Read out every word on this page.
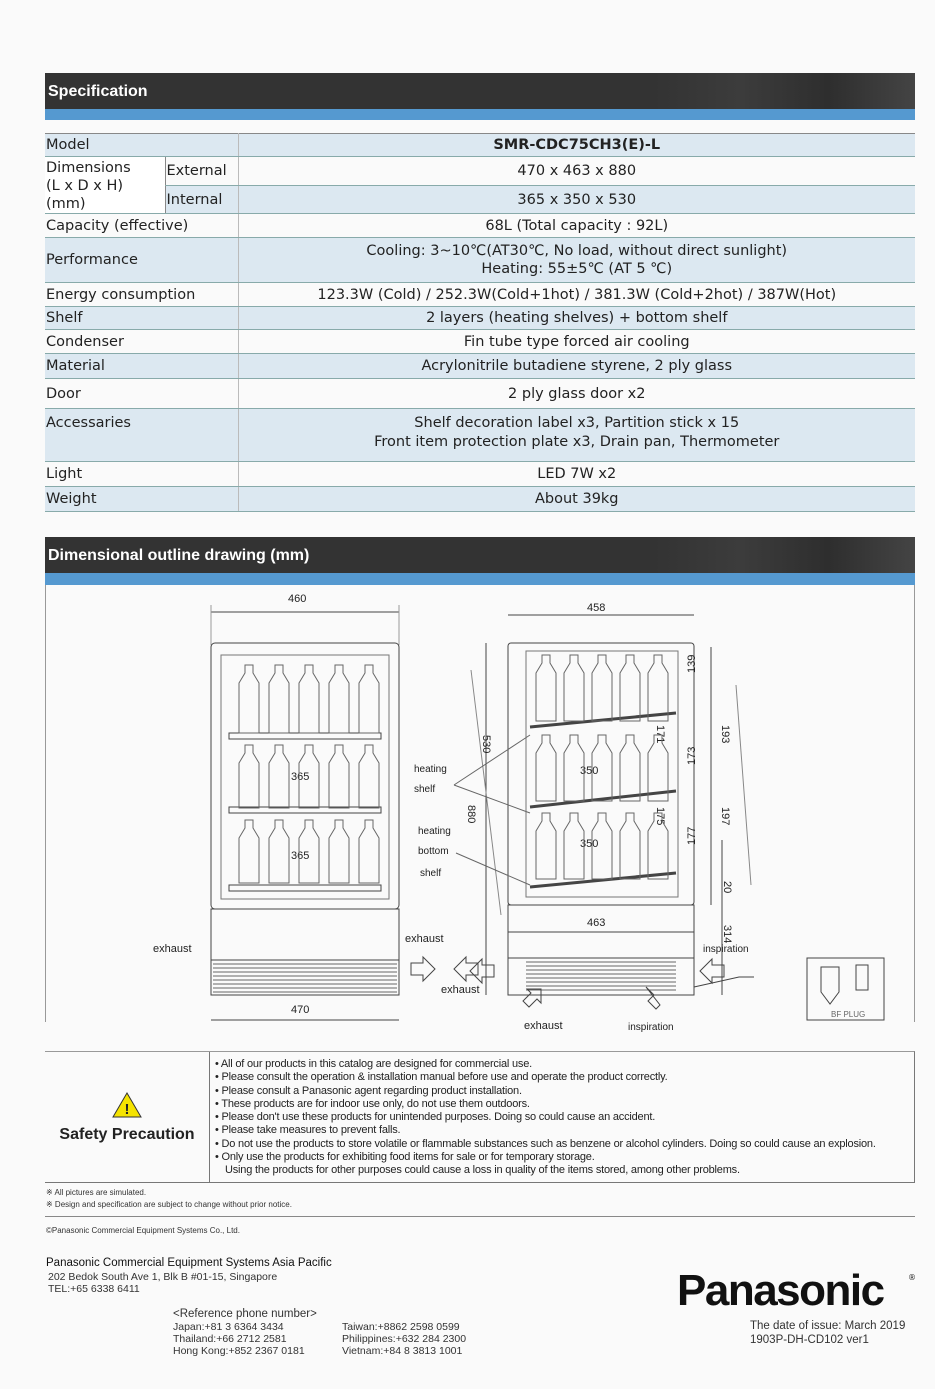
Specification
Model		SMR-CDC75CH3(E)-L
Dimensions
(L x D x H) (mm)	External	470 x 463 x 880
	Internal	365 x 350 x 530
Capacity (effective)		68L (Total capacity : 92L)
Performance		Cooling: 3~10℃(AT30℃, No load, without direct sunlight)
Heating: 55±5℃ (AT 5 ℃)
Energy consumption		123.3W (Cold) / 252.3W(Cold+1hot) / 381.3W (Cold+2hot) / 387W(Hot)
Shelf		2 layers (heating shelves) + bottom shelf
Condenser		Fin tube type forced air cooling
Material		Acrylonitrile butadiene styrene, 2 ply glass
Door		2 ply glass door x2
Accessaries		Shelf decoration label x3, Partition stick x 15
Front item protection plate x3, Drain pan, Thermometer
Light		LED 7W x2
Weight		About 39kg
Dimensional outline drawing (mm)
460
470
365
365
exhaust
exhaust
458
463
530
880
350
350
139
193
173
171
175	197
177
20
314
heating
shelf
heating
bottom
shelf
inspiration
exhaust
exhaust	inspiration
BF PLUG
!
Safety Precaution
• All of our products in this catalog are designed for commercial use.
• Please consult the operation & installation manual before use and operate the product correctly.
• Please consult a Panasonic agent regarding product installation.
• These products are for indoor use only, do not use them outdoors.
• Please don't use these products for unintended purposes. Doing so could cause an accident.
• Please take measures to prevent falls.
• Do not use the products to store volatile or flammable substances such as benzene or alcohol cylinders. Doing so could cause an explosion.
• Only use the products for exhibiting food items for sale or for temporary storage.
Using the products for other purposes could cause a loss in quality of the items stored, among other problems.
※ All pictures are simulated.
※ Design and specification are subject to change without prior notice.
©Panasonic Commercial Equipment Systems Co., Ltd.
Panasonic Commercial Equipment Systems Asia Pacific
202 Bedok South Ave 1, Blk B #01-15, Singapore
TEL:+65 6338 6411
<Reference phone number>
Japan:+81 3 6364 3434
Thailand:+66 2712 2581
Hong Kong:+852 2367 0181
Taiwan:+8862 2598 0599
Philippines:+632 284 2300
Vietnam:+84 8 3813 1001
Panasonic	®
The date of issue: March 2019
1903P-DH-CD102 ver1
